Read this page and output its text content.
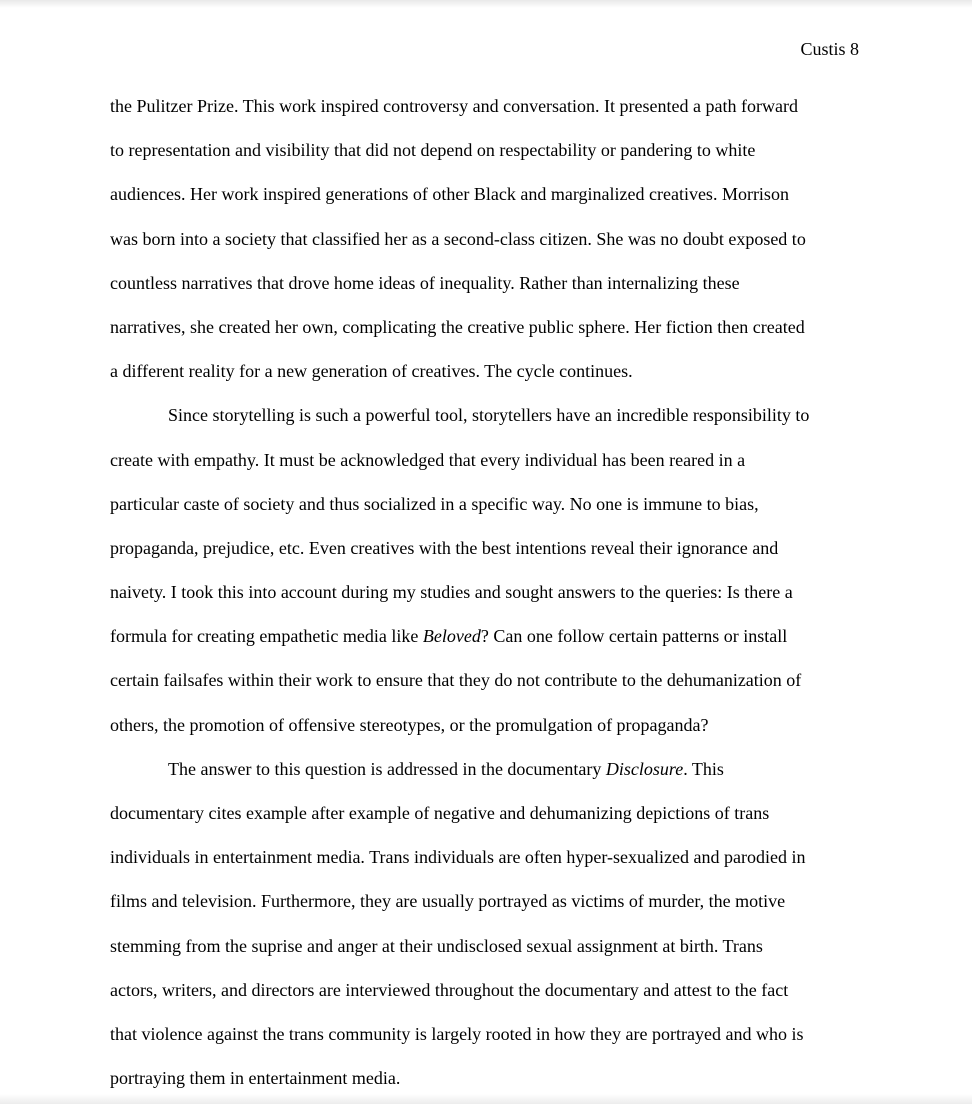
Custis 8
the Pulitzer Prize. This work inspired controversy and conversation. It presented a path forward
to representation and visibility that did not depend on respectability or pandering to white
audiences. Her work inspired generations of other Black and marginalized creatives. Morrison
was born into a society that classified her as a second-class citizen. She was no doubt exposed to
countless narratives that drove home ideas of inequality. Rather than internalizing these
narratives, she created her own, complicating the creative public sphere. Her fiction then created
a different reality for a new generation of creatives. The cycle continues.
Since storytelling is such a powerful tool, storytellers have an incredible responsibility to
create with empathy. It must be acknowledged that every individual has been reared in a
particular caste of society and thus socialized in a specific way. No one is immune to bias,
propaganda, prejudice, etc. Even creatives with the best intentions reveal their ignorance and
naivety. I took this into account during my studies and sought answers to the queries: Is there a
formula for creating empathetic media like Beloved? Can one follow certain patterns or install
certain failsafes within their work to ensure that they do not contribute to the dehumanization of
others, the promotion of offensive stereotypes, or the promulgation of propaganda?
The answer to this question is addressed in the documentary Disclosure. This
documentary cites example after example of negative and dehumanizing depictions of trans
individuals in entertainment media. Trans individuals are often hyper-sexualized and parodied in
films and television. Furthermore, they are usually portrayed as victims of murder, the motive
stemming from the suprise and anger at their undisclosed sexual assignment at birth. Trans
actors, writers, and directors are interviewed throughout the documentary and attest to the fact
that violence against the trans community is largely rooted in how they are portrayed and who is
portraying them in entertainment media.
